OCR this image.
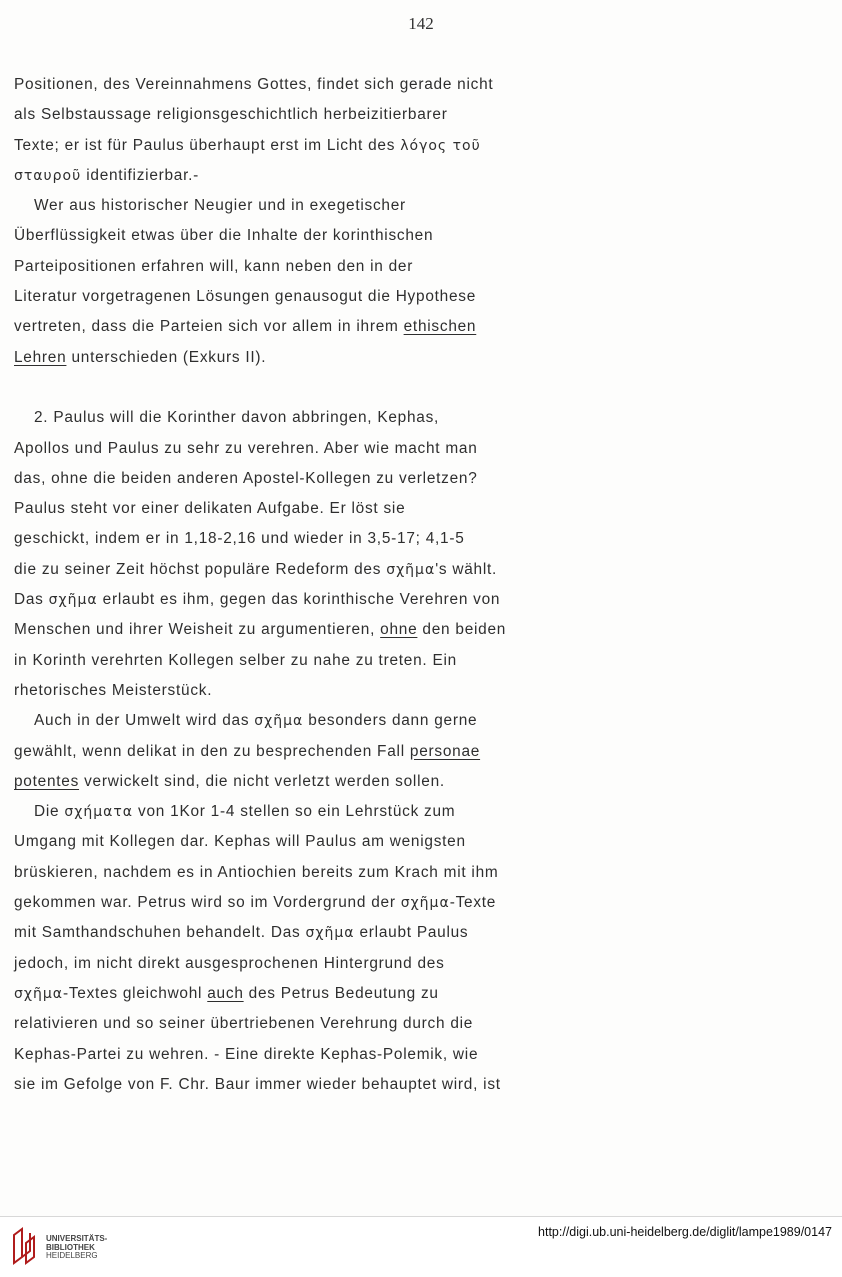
142
Positionen, des Vereinnahmens Gottes, findet sich gerade nicht
als Selbstaussage religionsgeschichtlich herbeizitierbarer
Texte; er ist für Paulus überhaupt erst im Licht des λόγος τοῦ
σταυροῦ identifizierbar.-
Wer aus historischer Neugier und in exegetischer
Überflüssigkeit etwas über die Inhalte der korinthischen
Parteipositionen erfahren will, kann neben den in der
Literatur vorgetragenen Lösungen genausogut die Hypothese
vertreten, dass die Parteien sich vor allem in ihrem ethischen
Lehren unterschieden (Exkurs II).
2. Paulus will die Korinther davon abbringen, Kephas,
Apollos und Paulus zu sehr zu verehren. Aber wie macht man
das, ohne die beiden anderen Apostel-Kollegen zu verletzen?
Paulus steht vor einer delikaten Aufgabe. Er löst sie
geschickt, indem er in 1,18-2,16 und wieder in 3,5-17; 4,1-5
die zu seiner Zeit höchst populäre Redeform des σχῆμα's wählt.
Das σχῆμα erlaubt es ihm, gegen das korinthische Verehren von
Menschen und ihrer Weisheit zu argumentieren, ohne den beiden
in Korinth verehrten Kollegen selber zu nahe zu treten. Ein
rhetorisches Meisterstück.
Auch in der Umwelt wird das σχῆμα besonders dann gerne
gewählt, wenn delikat in den zu besprechenden Fall personae
potentes verwickelt sind, die nicht verletzt werden sollen.
Die σχήματα von 1Kor 1-4 stellen so ein Lehrstück zum
Umgang mit Kollegen dar. Kephas will Paulus am wenigsten
brüskieren, nachdem es in Antiochien bereits zum Krach mit ihm
gekommen war. Petrus wird so im Vordergrund der σχῆμα-Texte
mit Samthandschuhen behandelt. Das σχῆμα erlaubt Paulus
jedoch, im nicht direkt ausgesprochenen Hintergrund des
σχῆμα-Textes gleichwohl auch des Petrus Bedeutung zu
relativieren und so seiner übertriebenen Verehrung durch die
Kephas-Partei zu wehren. - Eine direkte Kephas-Polemik, wie
sie im Gefolge von F. Chr. Baur immer wieder behauptet wird, ist
UNIVERSITÄTS-
BIBLIOTHEK
HEIDELBERG
http://digi.ub.uni-heidelberg.de/diglit/lampe1989/0147
